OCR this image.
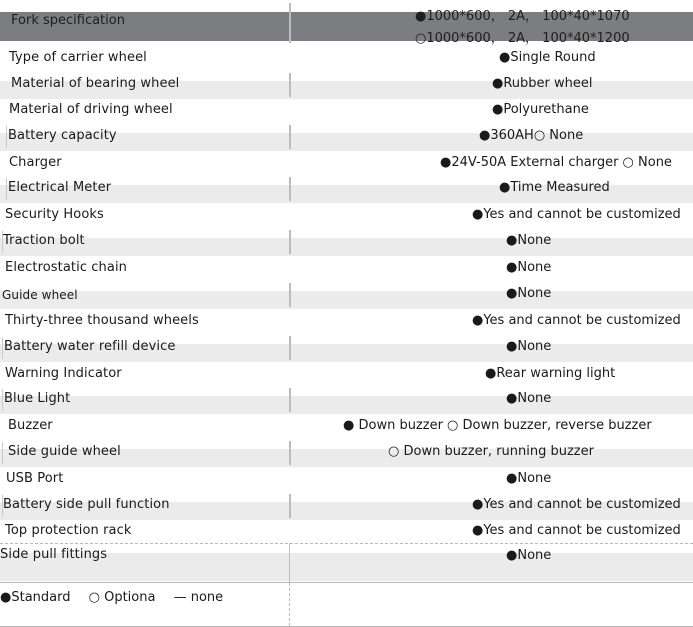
Fork specification	●1000*600， 2A， 100*40*1070
○1000*600， 2A， 100*40*1200
Type of carrier wheel	●Single Round
Material of bearing wheel	●Rubber wheel
Material of driving wheel	●Polyurethane
Battery capacity	●360AH○ None
Charger	●24V-50A External charger ○ None
Electrical Meter	●Time Measured
Security Hooks	●Yes and cannot be customized
Traction bolt	●None
Electrostatic chain	●None
Guide wheel	●None
Thirty-three thousand wheels	●Yes and cannot be customized
Battery water refill device	●None
Warning Indicator	●Rear warning light
Blue Light	●None
Buzzer	● Down buzzer ○ Down buzzer, reverse buzzer
Side guide wheel	○ Down buzzer, running buzzer
USB Port	●None
Battery side pull function	●Yes and cannot be customized
Top protection rack	●Yes and cannot be customized
Side pull fittings	●None
●Standard ○ Optiona — none
